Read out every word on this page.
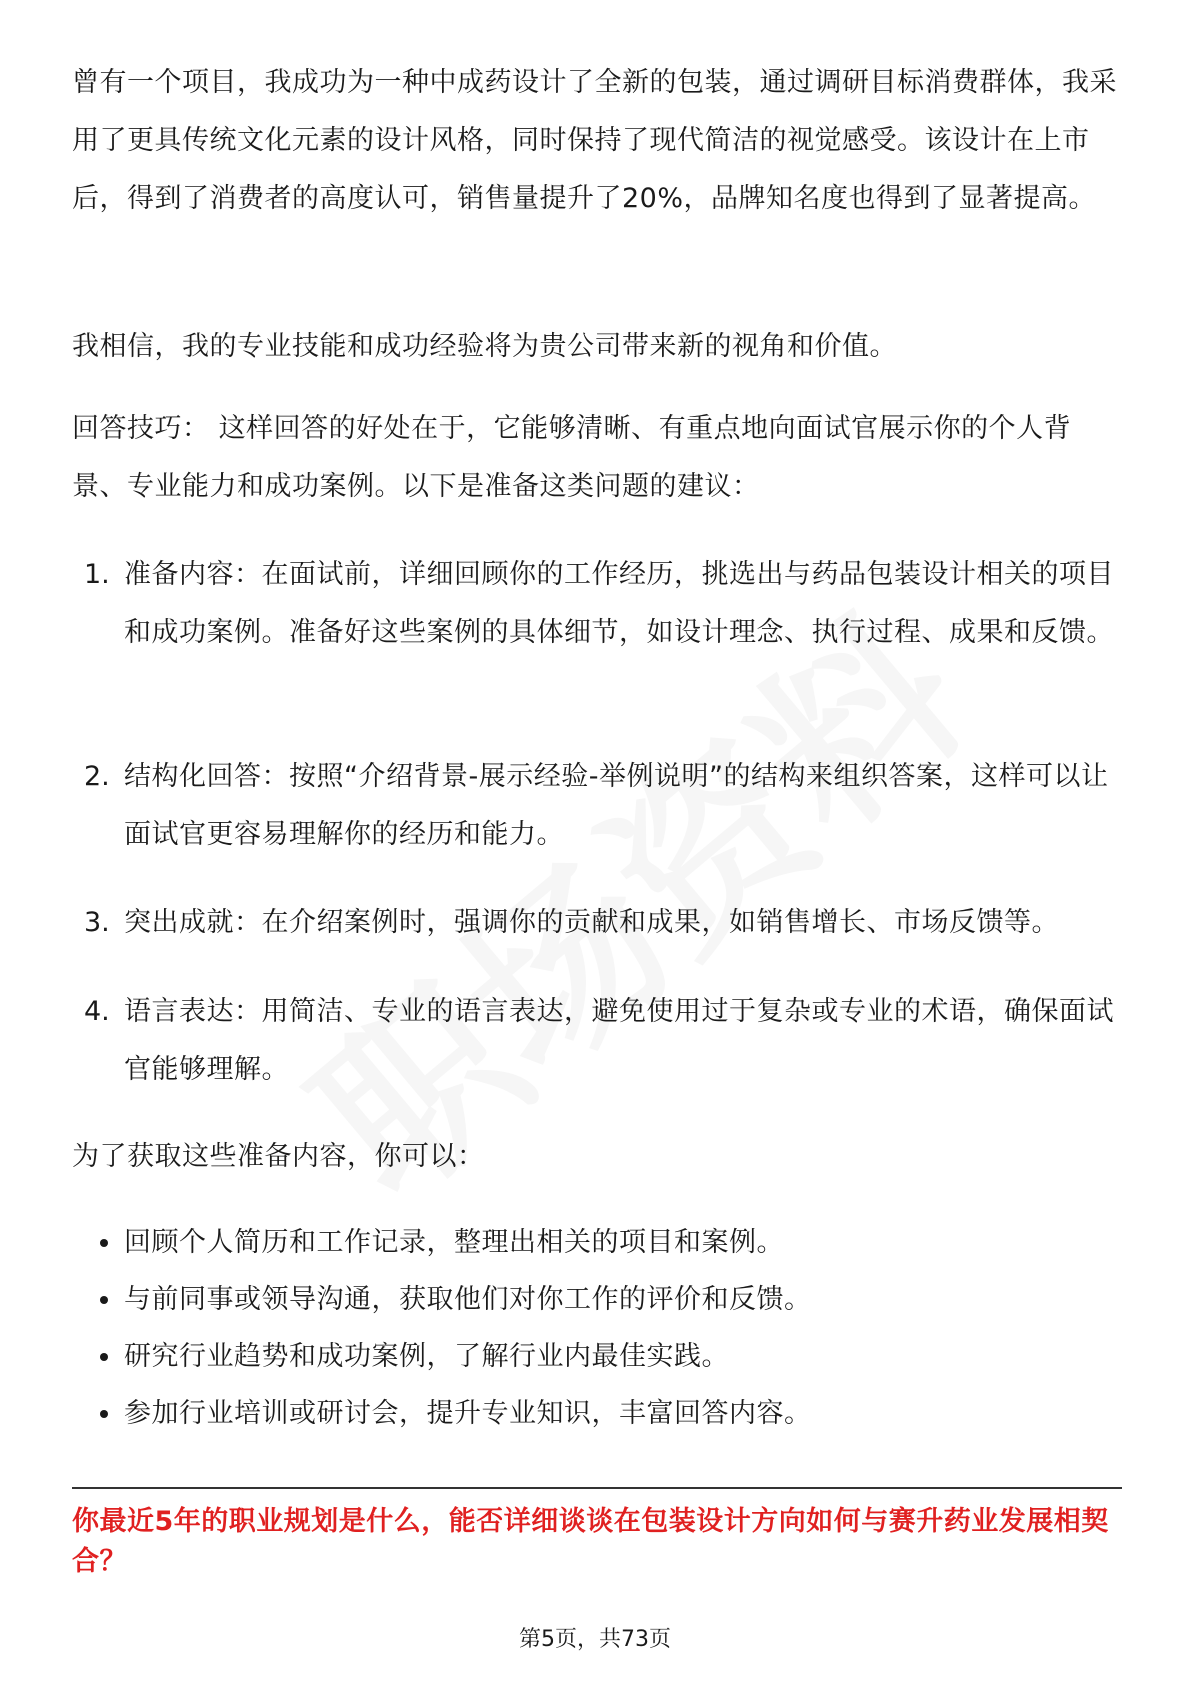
曾有一个项目，我成功为一种中成药设计了全新的包装，通过调研目标消费群体，我采用了更具传统文化元素的设计风格，同时保持了现代简洁的视觉感受。该设计在上市后，得到了消费者的高度认可，销售量提升了20%，品牌知名度也得到了显著提高。

我相信，我的专业技能和成功经验将为贵公司带来新的视角和价值。

回答技巧： 这样回答的好处在于，它能够清晰、有重点地向面试官展示你的个人背景、专业能力和成功案例。以下是准备这类问题的建议：

1. 准备内容：在面试前，详细回顾你的工作经历，挑选出与药品包装设计相关的项目和成功案例。准备好这些案例的具体细节，如设计理念、执行过程、成果和反馈。
2. 结构化回答：按照“介绍背景-展示经验-举例说明”的结构来组织答案，这样可以让面试官更容易理解你的经历和能力。
3. 突出成就：在介绍案例时，强调你的贡献和成果，如销售增长、市场反馈等。
4. 语言表达：用简洁、专业的语言表达，避免使用过于复杂或专业的术语，确保面试官能够理解。

为了获取这些准备内容，你可以：

回顾个人简历和工作记录，整理出相关的项目和案例。
与前同事或领导沟通，获取他们对你工作的评价和反馈。
研究行业趋势和成功案例，了解行业内最佳实践。
参加行业培训或研讨会，提升专业知识，丰富回答内容。

你最近5年的职业规划是什么，能否详细谈谈在包装设计方向如何与赛升药业发展相契合？

第5页，共73页
